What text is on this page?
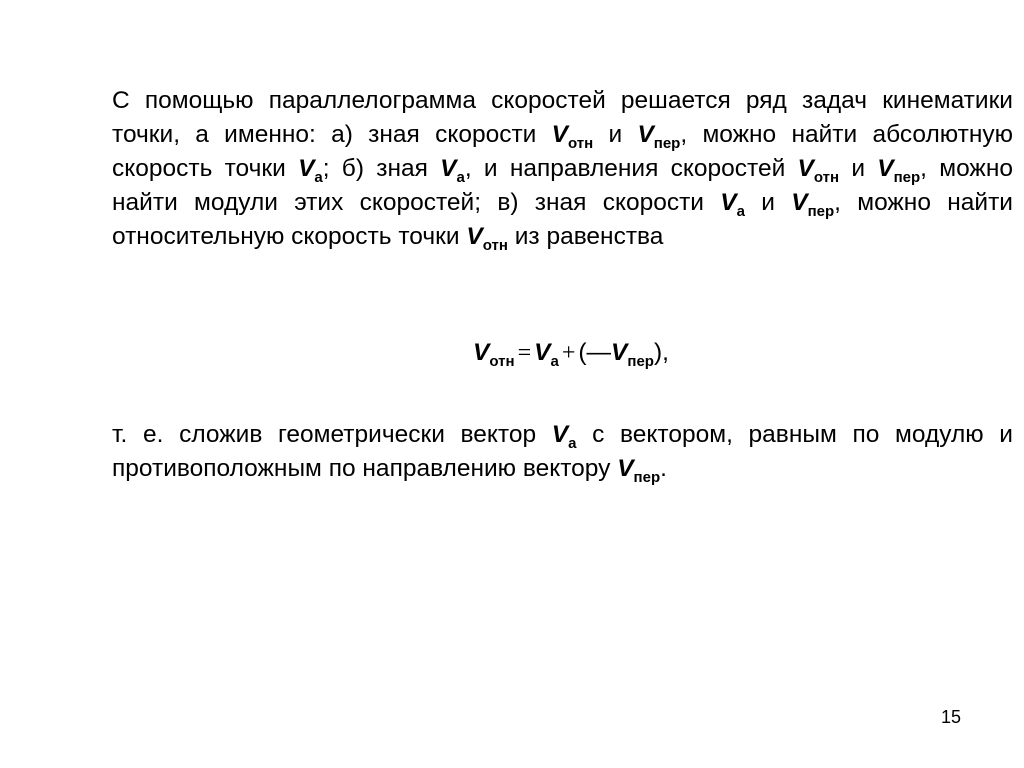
С помощью параллелограмма скоростей решается ряд задач кинематики точки, а именно: а) зная скорости $V_{отн}$ и $V_{пер}$, можно найти абсолютную скорость точки $V_а$; б) зная $V_а$, и направления скоростей $V_{отн}$ и $V_{пер}$, можно найти модули этих скоростей; в) зная скорости $V_а$ и $V_{пер}$, можно найти относительную скорость точки $V_{отн}$ из равенства
$V_{отн} = V_а$ + $(—V_{пер})$,
т. е. сложив геометрически вектор $V_а$ с вектором, равным по модулю и противоположным по направлению вектору $V_{пер}$.
15
